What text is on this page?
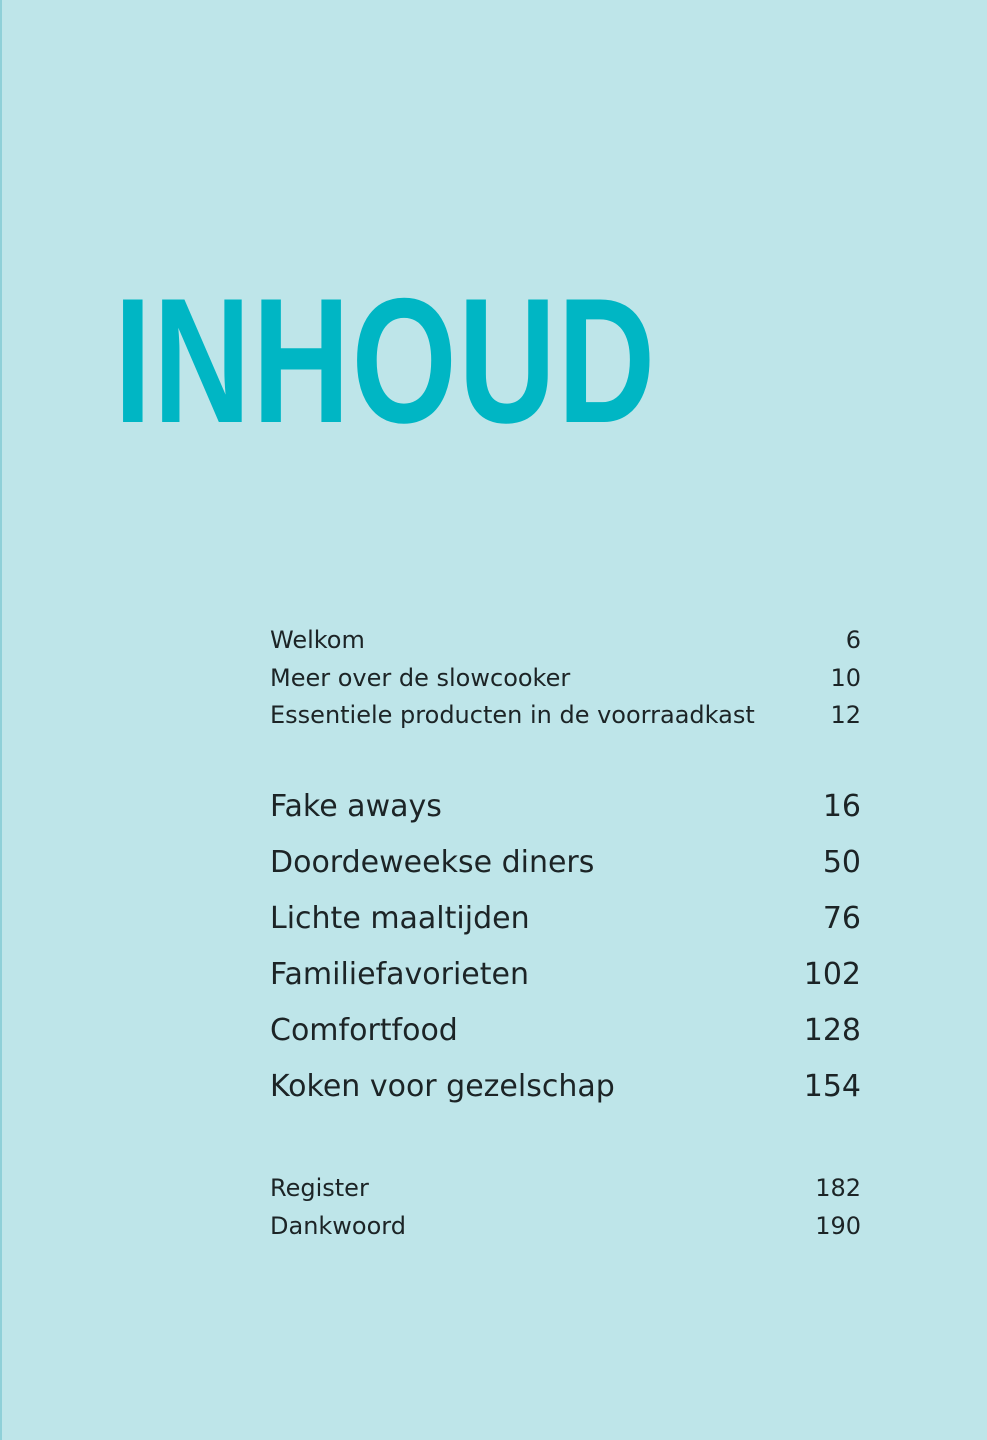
INHOUD
Welkom	6
Meer over de slowcooker	10
Essentiele producten in de voorraadkast	12
Fake aways	16
Doordeweekse diners	50
Lichte maaltijden	76
Familiefavorieten	102
Comfortfood	128
Koken voor gezelschap	154
Register	182
Dankwoord	190
